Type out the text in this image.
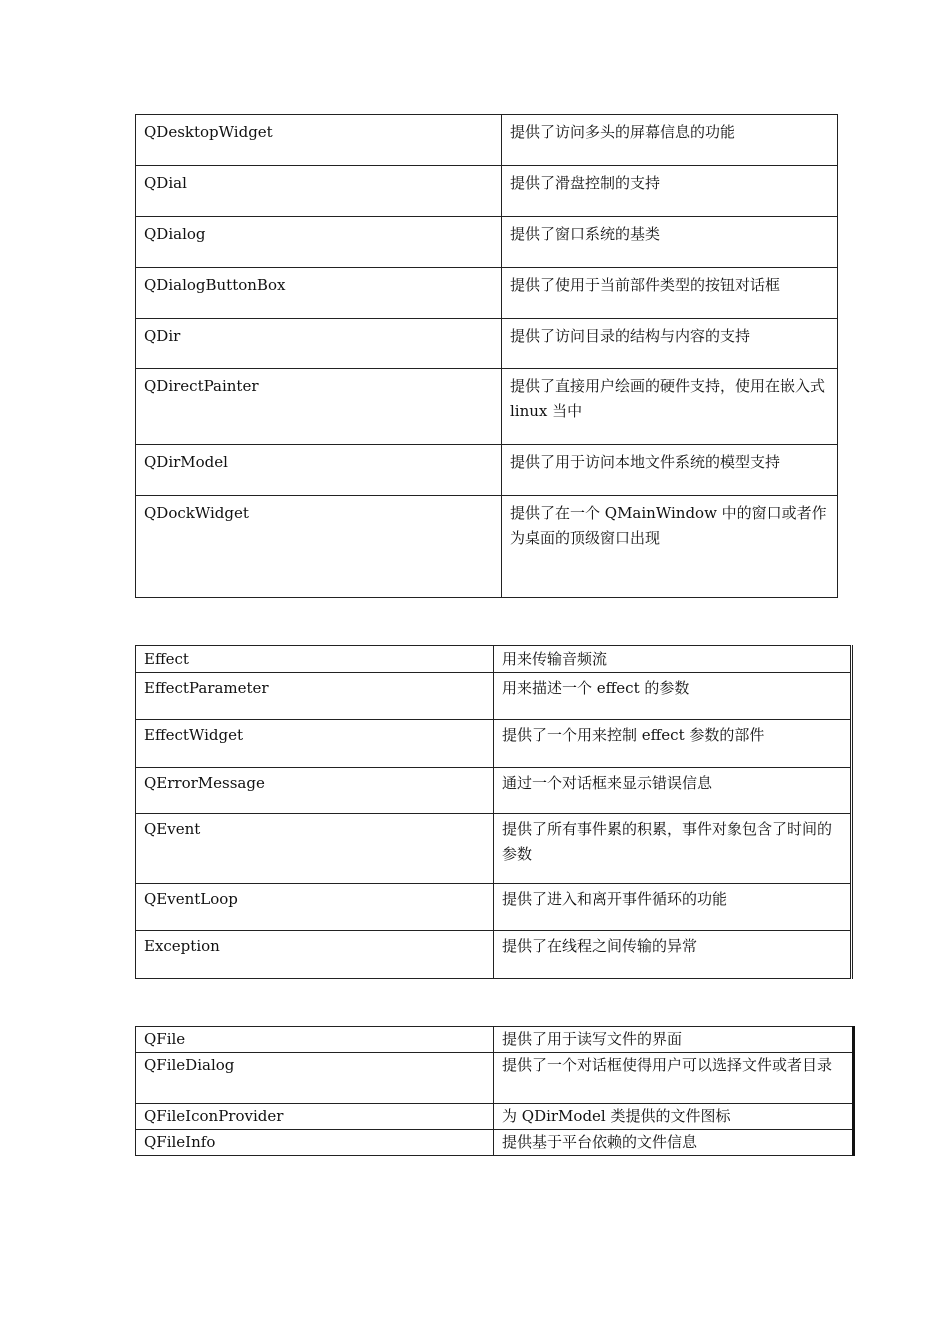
QDesktopWidget	提供了访问多头的屏幕信息的功能
QDial	提供了滑盘控制的支持
QDialog	提供了窗口系统的基类
QDialogButtonBox	提供了使用于当前部件类型的按钮对话框
QDir	提供了访问目录的结构与内容的支持
QDirectPainter	提供了直接用户绘画的硬件支持，使用在嵌入式 linux 当中
QDirModel	提供了用于访问本地文件系统的模型支持
QDockWidget	提供了在一个 QMainWindow 中的窗口或者作为桌面的顶级窗口出现
Effect	用来传输音频流
EffectParameter	用来描述一个 effect 的参数
EffectWidget	提供了一个用来控制 effect 参数的部件
QErrorMessage	通过一个对话框来显示错误信息
QEvent	提供了所有事件累的积累，事件对象包含了时间的参数
QEventLoop	提供了进入和离开事件循环的功能
Exception	提供了在线程之间传输的异常
QFile	提供了用于读写文件的界面
QFileDialog	提供了一个对话框使得用户可以选择文件或者目录
QFileIconProvider	为 QDirModel 类提供的文件图标
QFileInfo	提供基于平台依赖的文件信息
